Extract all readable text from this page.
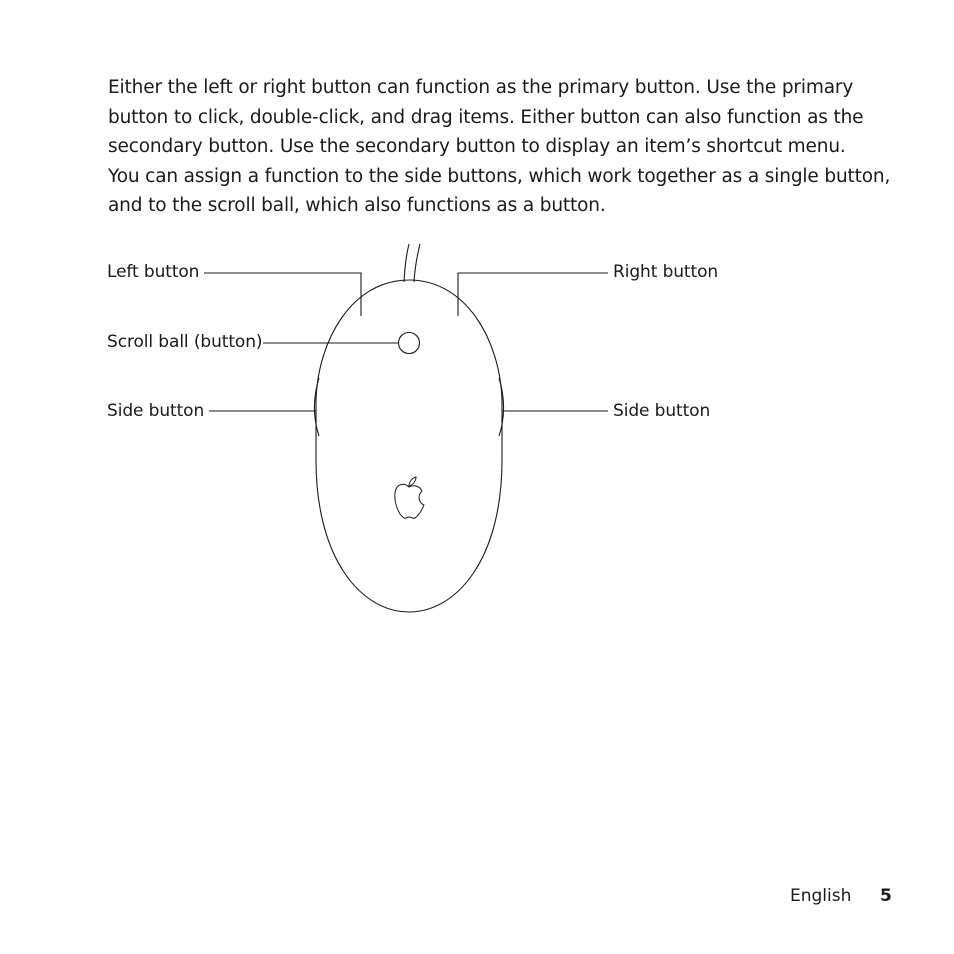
Either the left or right button can function as the primary button. Use the primary

button to click, double-click, and drag items. Either button can also function as the

secondary button. Use the secondary button to display an item’s shortcut menu.

You can assign a function to the side buttons, which work together as a single button,

and to the scroll ball, which also functions as a button.

Left button	Right button
Scroll ball (button)
Side button	Side button
English 5
